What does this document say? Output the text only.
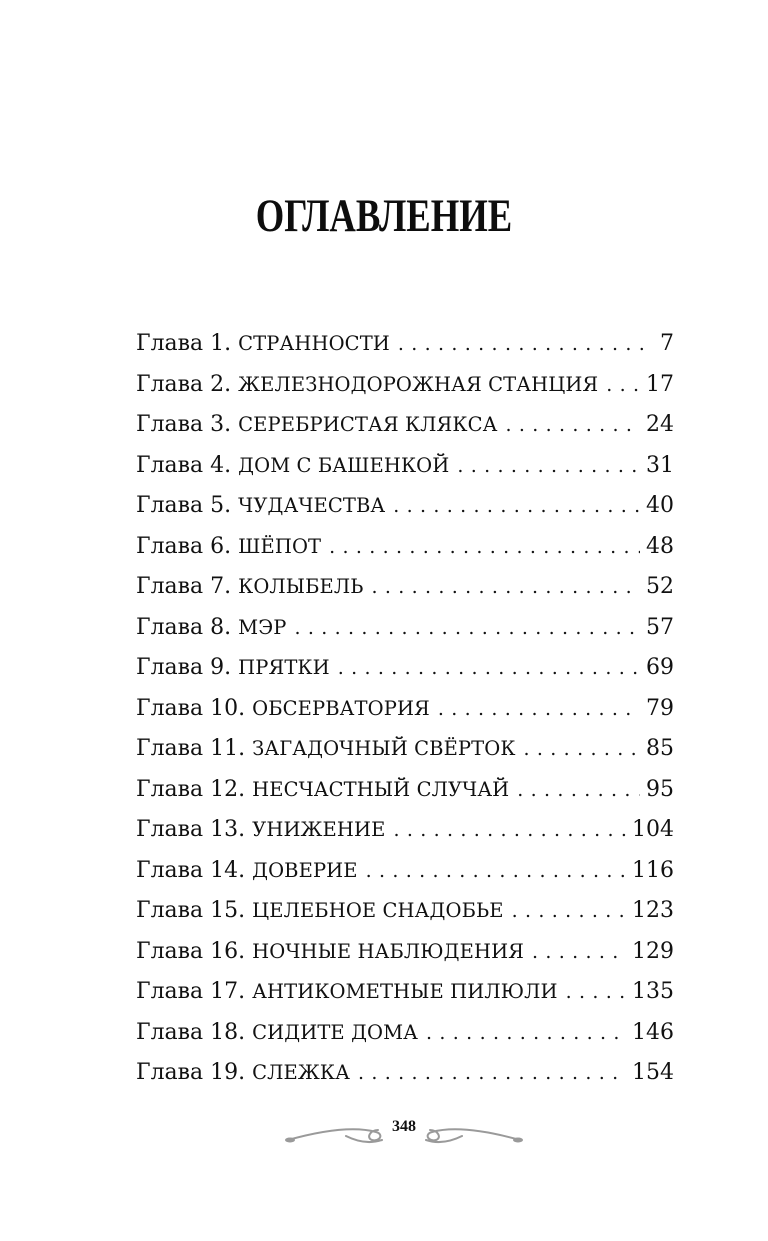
ОГЛАВЛЕНИЕ
Глава 1. СТРАННОСТИ . . .	7
Глава 2. ЖЕЛЕЗНОДОРОЖНАЯ СТАНЦИЯ . . . 17
Глава 3. СЕРЕБРИСТАЯ КЛЯКСА . . .	24
Глава 4. ДОМ С БАШЕНКОЙ . . .	31
Глава 5. ЧУДАЧЕСТВА . . .	40
Глава 6. ШЁПОТ . . .	48
Глава 7. КОЛЫБЕЛЬ . . .	52
Глава 8. МЭР . . .	57
Глава 9. ПРЯТКИ . . .	69
Глава 10. ОБСЕРВАТОРИЯ . . .	79
Глава 11. ЗАГАДОЧНЫЙ СВЁРТОК . . .	85
Глава 12. НЕСЧАСТНЫЙ СЛУЧАЙ . . .	95
Глава 13. УНИЖЕНИЕ . . .	104
Глава 14. ДОВЕРИЕ . . .	116
Глава 15. ЦЕЛЕБНОЕ СНАДОБЬЕ . . .	123
Глава 16. НОЧНЫЕ НАБЛЮДЕНИЯ . . .	129
Глава 17. АНТИКОМЕТНЫЕ ПИЛЮЛИ . . .	135
Глава 18. СИДИТЕ ДОМА . . .	146
Глава 19. СЛЕЖКА . . .	154
348
